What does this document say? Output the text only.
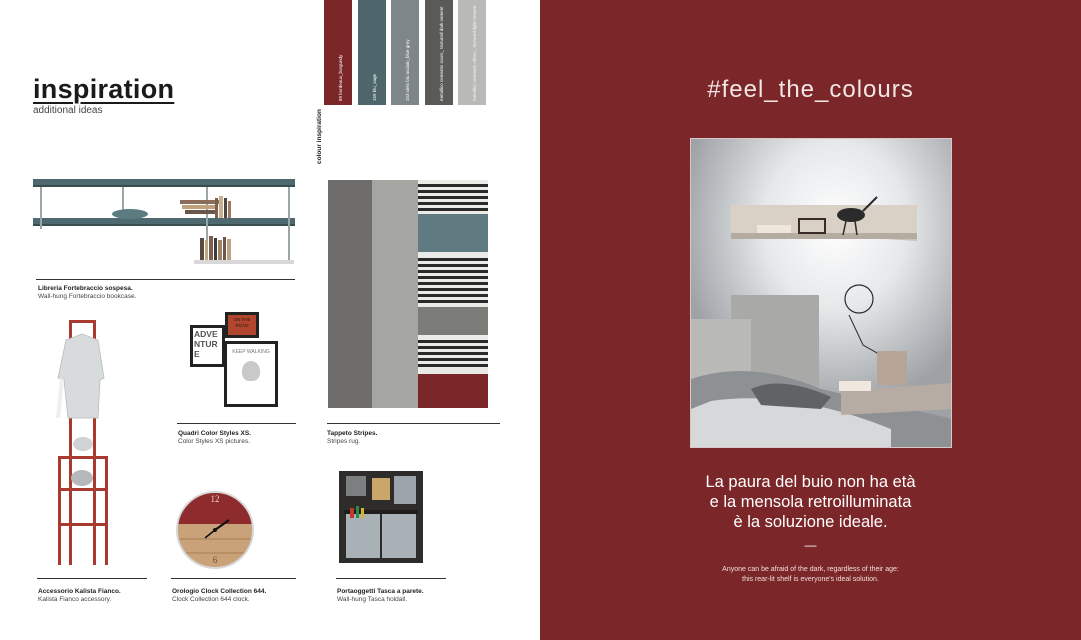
inspiration
additional ideas	colour inspiration
89 bordeaux_burgundy	159 blu_sage	153 cielo blu acciaio_blue grey	metallico cemento scuro_ textured dark cement	metallico cemento chiaro_ textured light cement
Libreria Fortebraccio sospesa.
Wall-hung Fortebraccio bookcase.
Tappeto Stripes.
Stripes rug.
Accessorio Kalista Fianco.
Kalista Fianco accessory.
ADVENTURE
ON THE ROAD
KEEP WALKING
Quadri Color Styles XS.
Color Styles XS pictures.
12
6
Orologio Clock Collection 644.
Clock Collection 644 clock.
Portaoggetti Tasca a parete.
Wall-hung Tasca holdall.
#feel_the_colours
La paura del buio non ha età
e la mensola retroilluminata
è la soluzione ideale.
—
Anyone can be afraid of the dark, regardless of their age:
this rear-lit shelf is everyone's ideal solution.
